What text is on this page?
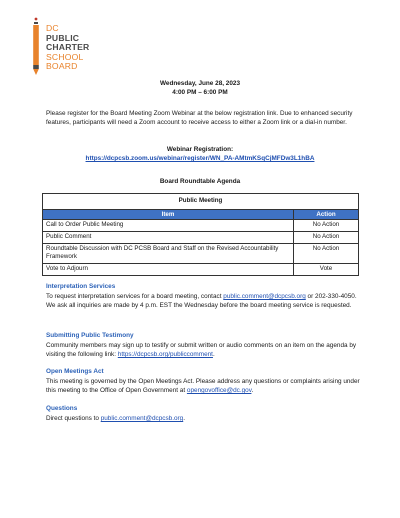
DC
PUBLIC
CHARTER
SCHOOL
BOARD
Wednesday, June 28, 2023
4:00 PM – 6:00 PM
Please register for the Board Meeting Zoom Webinar at the below registration link. Due to enhanced security features, participants will need a Zoom account to receive access to either a Zoom link or a dial-in number.
Webinar Registration:
https://dcpcsb.zoom.us/webinar/register/WN_PA-AMtmKSqCjMFDw3L1hBA
Board Roundtable Agenda
Public Meeting	
Item	Action
Call to Order Public Meeting	No Action
Public Comment	No Action
Roundtable Discussion with DC PCSB Board and Staff on the Revised Accountability Framework	No Action
Vote to Adjourn	Vote
Interpretation Services
To request interpretation services for a board meeting, contact public.comment@dcpcsb.org or 202-330-4050. We ask all inquiries are made by 4 p.m. EST the Wednesday before the board meeting service is requested.
Submitting Public Testimony
Community members may sign up to testify or submit written or audio comments on an item on the agenda by visiting the following link: https://dcpcsb.org/publiccomment.
Open Meetings Act
This meeting is governed by the Open Meetings Act. Please address any questions or complaints arising under this meeting to the Office of Open Government at opengovoffice@dc.gov.
Questions
Direct questions to public.comment@dcpcsb.org.
